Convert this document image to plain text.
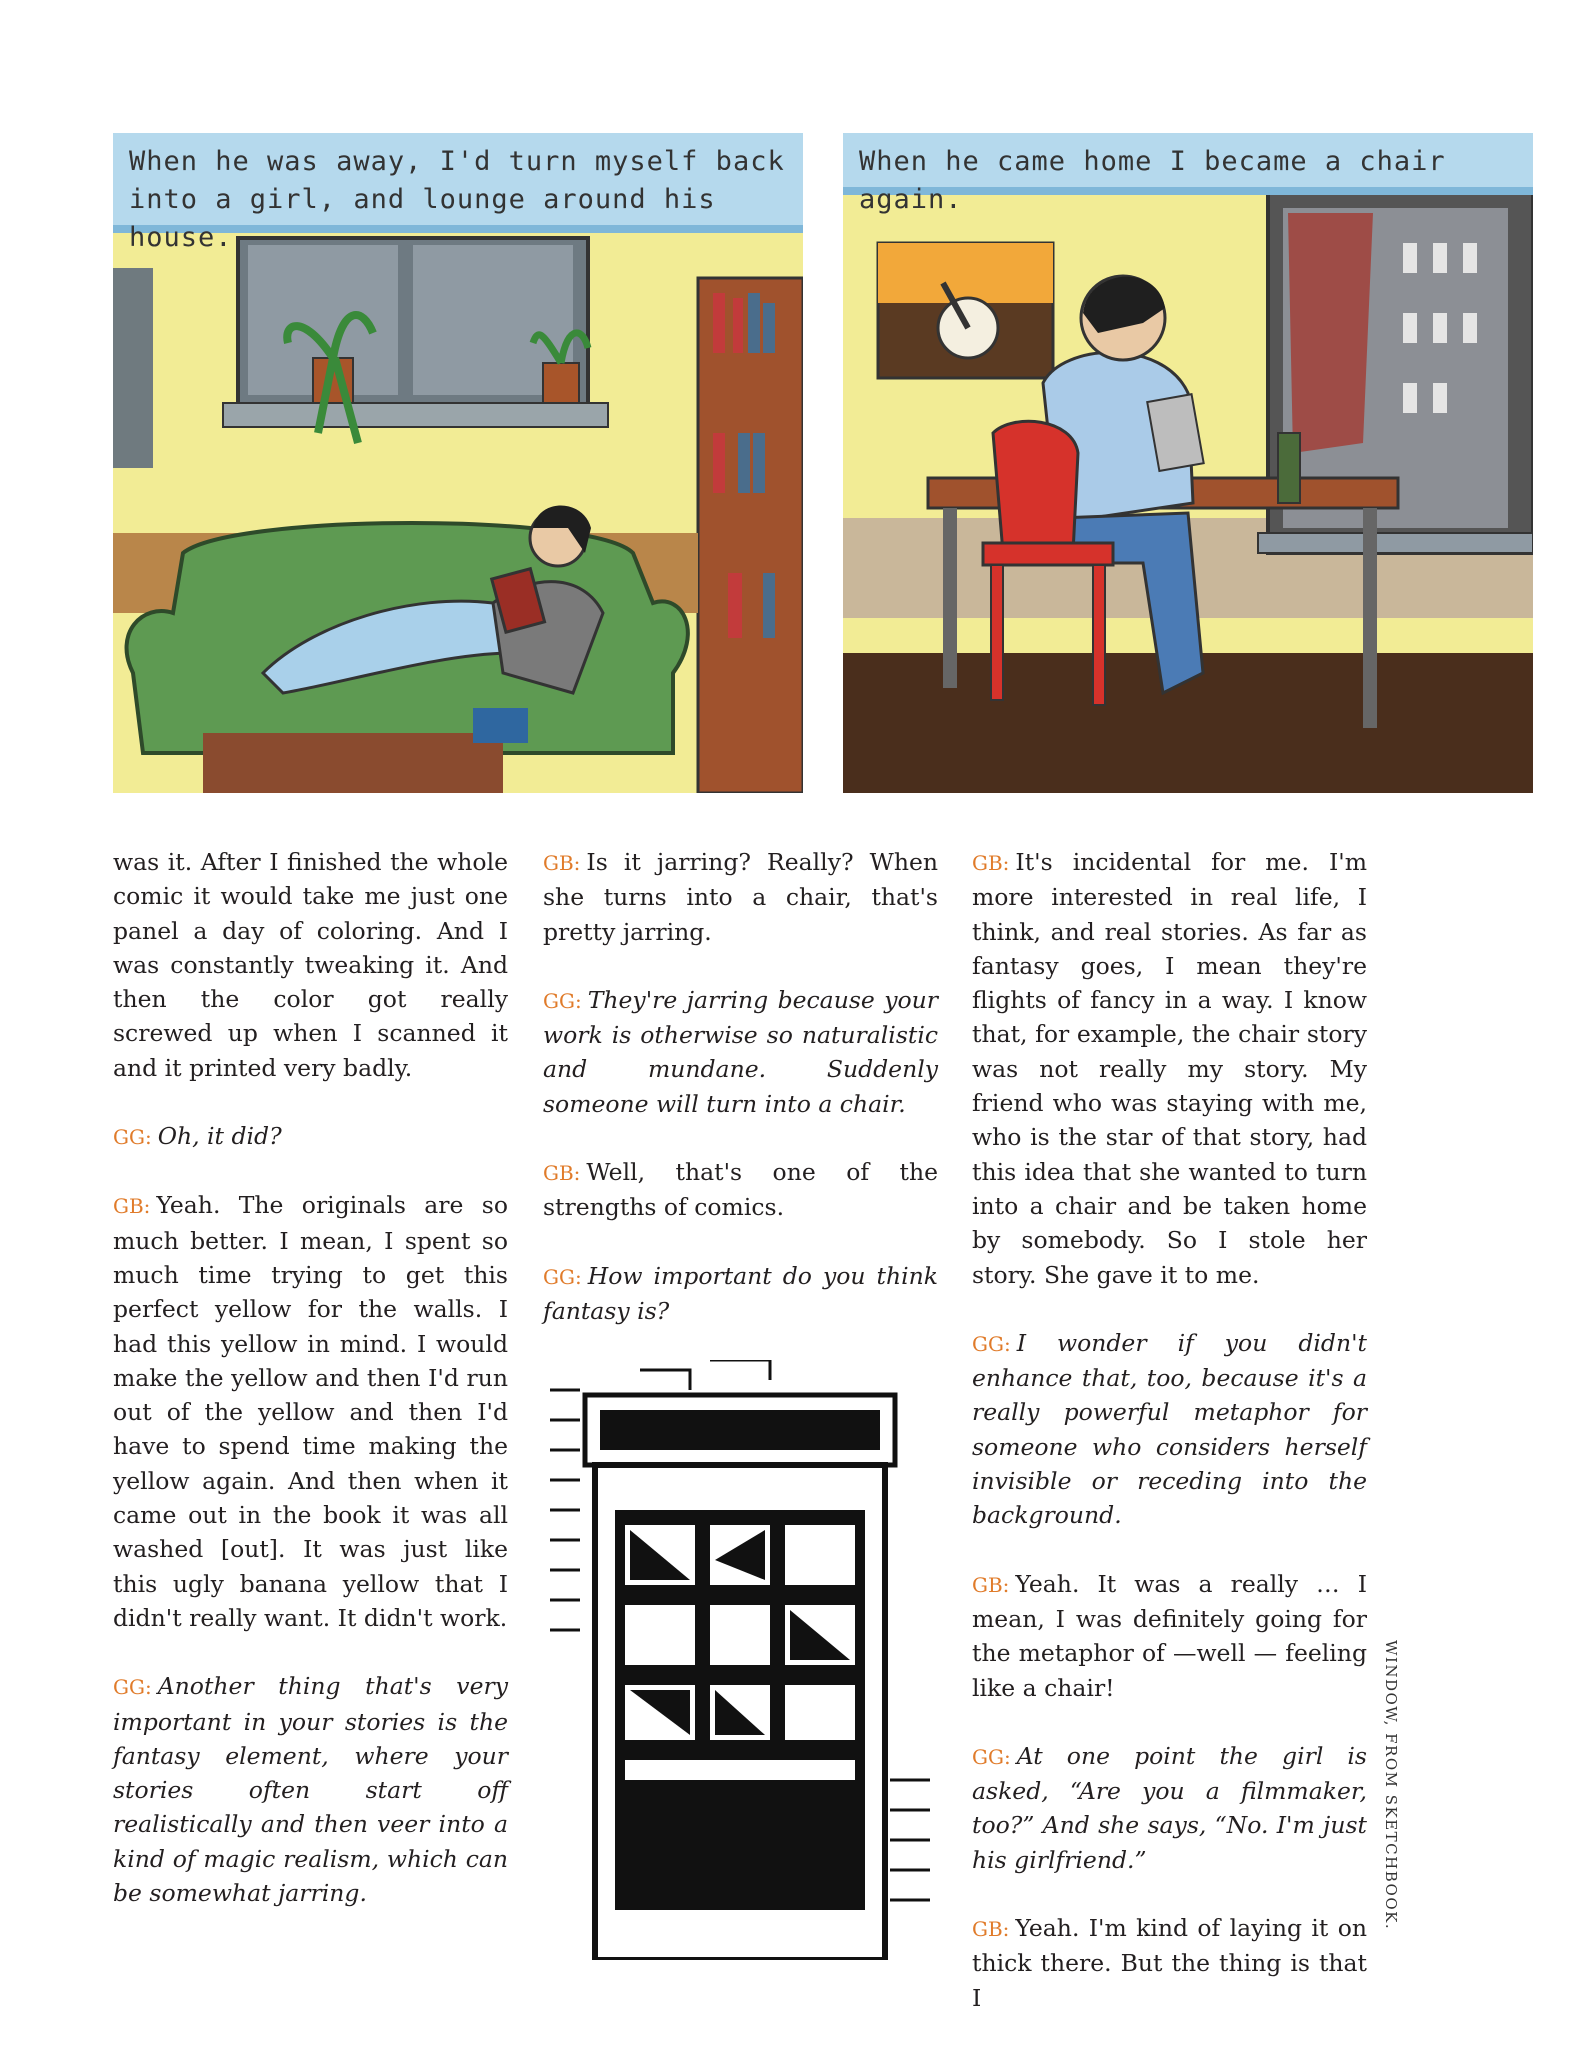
When he was away, I'd turn myself back into a girl, and lounge around his house.
When he came home I became a chair again.

was it. After I finished the whole comic it would take me just one panel a day of coloring. And I was constantly tweaking it. And then the color got really screwed up when I scanned it and it printed very badly.

GG: Oh, it did?

GB: Yeah. The originals are so much better. I mean, I spent so much time trying to get this perfect yellow for the walls. I had this yellow in mind. I would make the yellow and then I'd run out of the yellow and then I'd have to spend time making the yellow again. And then when it came out in the book it was all washed [out]. It was just like this ugly banana yellow that I didn't really want. It didn't work.

GG: Another thing that's very important in your stories is the fantasy element, where your stories often start off realistically and then veer into a kind of magic realism, which can be somewhat jarring.

GB: Is it jarring? Really? When she turns into a chair, that's pretty jarring.

GG: They're jarring because your work is otherwise so naturalistic and mundane. Suddenly someone will turn into a chair.

GB: Well, that's one of the strengths of comics.

GG: How important do you think fantasy is?

GB: It's incidental for me. I'm more interested in real life, I think, and real stories. As far as fantasy goes, I mean they're flights of fancy in a way. I know that, for example, the chair story was not really my story. My friend who was staying with me, who is the star of that story, had this idea that she wanted to turn into a chair and be taken home by somebody. So I stole her story. She gave it to me.

GG: I wonder if you didn't enhance that, too, because it's a really powerful metaphor for someone who considers herself invisible or receding into the background.

GB: Yeah. It was a really … I mean, I was definitely going for the metaphor of —well — feeling like a chair!

GG: At one point the girl is asked, “Are you a filmmaker, too?” And she says, “No. I'm just his girlfriend.”

GB: Yeah. I'm kind of laying it on thick there. But the thing is that I

WINDOW, FROM SKETCHBOOK.
